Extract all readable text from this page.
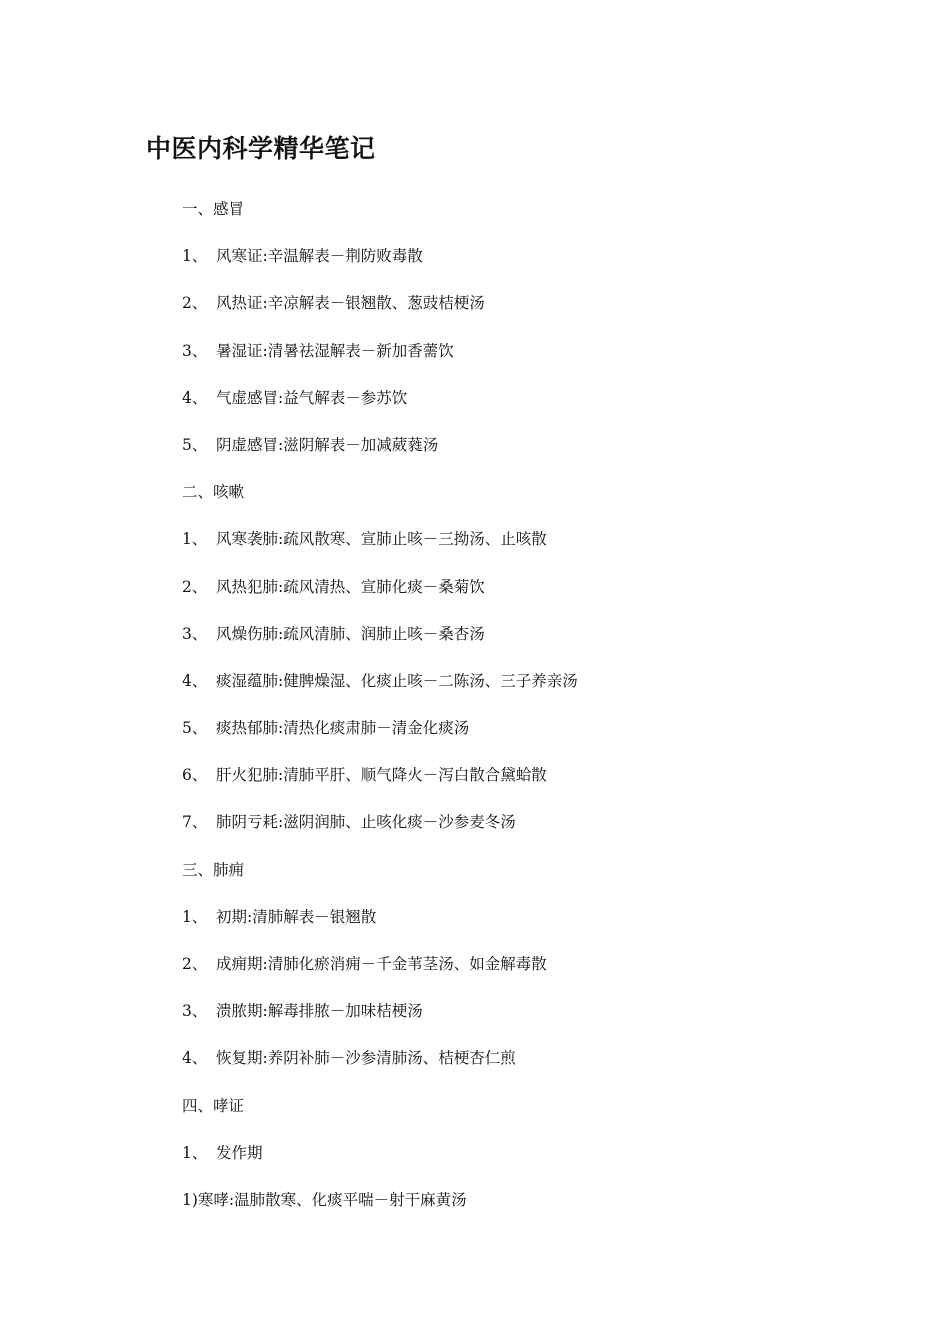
中医内科学精华笔记
一、感冒
1、 风寒证:辛温解表－荆防败毒散
2、 风热证:辛凉解表－银翘散、葱豉桔梗汤
3、 暑湿证:清暑祛湿解表－新加香薷饮
4、 气虚感冒:益气解表－参苏饮
5、 阴虚感冒:滋阴解表－加减葳蕤汤
二、咳嗽
1、 风寒袭肺:疏风散寒、宣肺止咳－三拗汤、止咳散
2、 风热犯肺:疏风清热、宣肺化痰－桑菊饮
3、 风燥伤肺:疏风清肺、润肺止咳－桑杏汤
4、 痰湿蕴肺:健脾燥湿、化痰止咳－二陈汤、三子养亲汤
5、 痰热郁肺:清热化痰肃肺－清金化痰汤
6、 肝火犯肺:清肺平肝、顺气降火－泻白散合黛蛤散
7、 肺阴亏耗:滋阴润肺、止咳化痰－沙参麦冬汤
三、肺痈
1、 初期:清肺解表－银翘散
2、 成痈期:清肺化瘀消痈－千金苇茎汤、如金解毒散
3、 溃脓期:解毒排脓－加味桔梗汤
4、 恢复期:养阴补肺－沙参清肺汤、桔梗杏仁煎
四、哮证
1、 发作期
1)寒哮:温肺散寒、化痰平喘－射干麻黄汤
